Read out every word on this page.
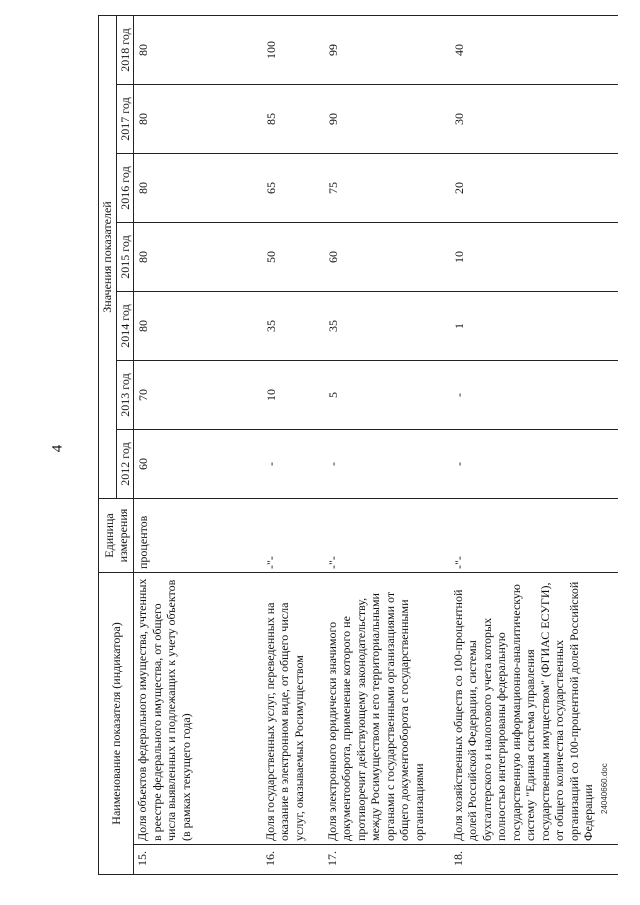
4
Наименование показателя (индикатора)		Единица измерения	Значения показателей						
			2012 год	2013 год	2014 год	2015 год	2016 год	2017 год	2018 год
15.	Доля объектов федерального имущества, учтенных в реестре федерального имущества, от общего числа выявленных и подлежащих к учету объектов (в рамках текущего года)	процентов	60	70	80	80	80	80	80
16.	Доля государственных услуг, переведенных на оказание в электронном виде, от общего числа услуг, оказываемых Росимуществом	-"-	-	10	35	50	65	85	100
17.	Доля электронного юридически значимого документооборота, применение которого не противоречит действующему законодательству, между Росимуществом и его территориальными органами с государственными организациями от общего документооборота с государственными организациями	-"-	-	5	35	60	75	90	99
18.	Доля хозяйственных обществ со 100-процентной долей Российской Федерации, системы бухгалтерского и налогового учета которых полностью интегрированы федеральную государственную информационно-аналитическую систему "Единая система управления государственным имуществом" (ФГИАС ЕСУГИ), от общего количества государственных организаций со 100-процентной долей Российской Федерации	-"-	-	-	1	10	20	30	40
24040660.doc
